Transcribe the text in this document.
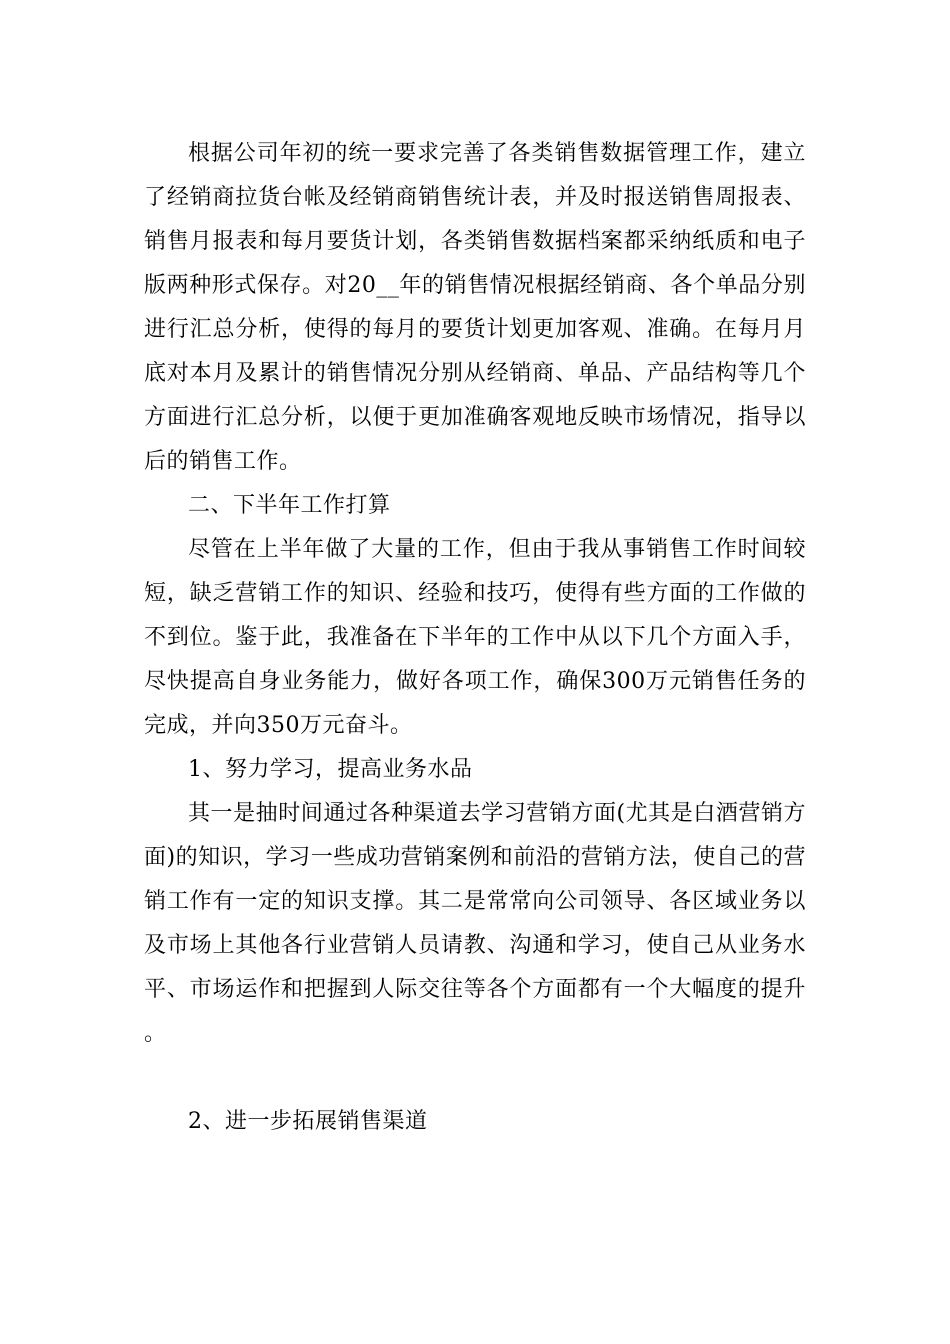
根据公司年初的统一要求完善了各类销售数据管理工作，建立了经销商拉货台帐及经销商销售统计表，并及时报送销售周报表、销售月报表和每月要货计划，各类销售数据档案都采纳纸质和电子版两种形式保存。对20__年的销售情况根据经销商、各个单品分别进行汇总分析，使得的每月的要货计划更加客观、准确。在每月月底对本月及累计的销售情况分别从经销商、单品、产品结构等几个方面进行汇总分析，以便于更加准确客观地反映市场情况，指导以后的销售工作。

二、下半年工作打算

尽管在上半年做了大量的工作，但由于我从事销售工作时间较短，缺乏营销工作的知识、经验和技巧，使得有些方面的工作做的不到位。鉴于此，我准备在下半年的工作中从以下几个方面入手，尽快提高自身业务能力，做好各项工作，确保300万元销售任务的完成，并向350万元奋斗。

1、努力学习，提高业务水品

其一是抽时间通过各种渠道去学习营销方面(尤其是白酒营销方面)的知识，学习一些成功营销案例和前沿的营销方法，使自己的营销工作有一定的知识支撑。其二是常常向公司领导、各区域业务以及市场上其他各行业营销人员请教、沟通和学习，使自己从业务水平、市场运作和把握到人际交往等各个方面都有一个大幅度的提升。

2、进一步拓展销售渠道
